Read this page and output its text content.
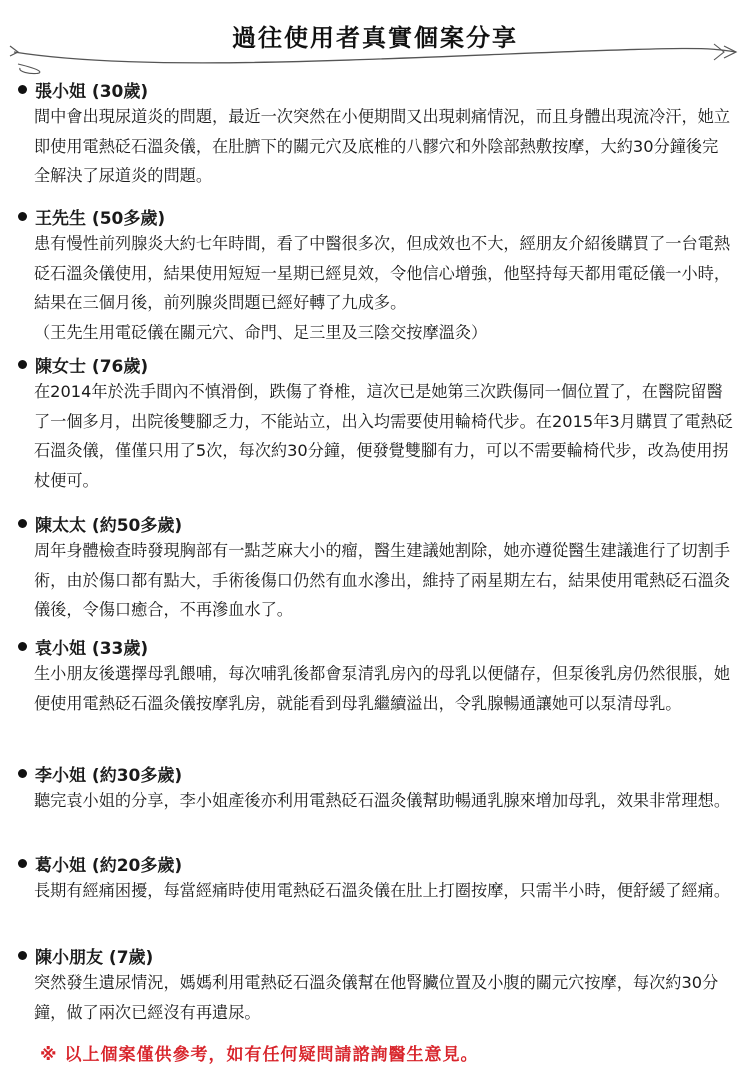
過往使用者真實個案分享
張小姐 (30歲)
間中會出現尿道炎的問題，最近一次突然在小便期間又出現刺痛情況，而且身體出現流冷汗，她立即使用電熱砭石溫灸儀，在肚臍下的關元穴及底椎的八髎穴和外陰部熱敷按摩，大約30分鐘後完全解決了尿道炎的問題。
王先生 (50多歲)
患有慢性前列腺炎大約七年時間，看了中醫很多次，但成效也不大，經朋友介紹後購買了一台電熱砭石溫灸儀使用，結果使用短短一星期已經見效，令他信心增強，他堅持每天都用電砭儀一小時，結果在三個月後，前列腺炎問題已經好轉了九成多。
（王先生用電砭儀在關元穴、命門、足三里及三陰交按摩溫灸）
陳女士 (76歲)
在2014年於洗手間內不慎滑倒，跌傷了脊椎，這次已是她第三次跌傷同一個位置了，在醫院留醫了一個多月，出院後雙腳乏力，不能站立，出入均需要使用輪椅代步。在2015年3月購買了電熱砭石溫灸儀，僅僅只用了5次，每次約30分鐘，便發覺雙腳有力，可以不需要輪椅代步，改為使用拐杖便可。
陳太太 (約50多歲)
周年身體檢查時發現胸部有一點芝麻大小的瘤，醫生建議她割除，她亦遵從醫生建議進行了切割手術，由於傷口都有點大，手術後傷口仍然有血水滲出，維持了兩星期左右，結果使用電熱砭石溫灸儀後，令傷口癒合，不再滲血水了。
袁小姐 (33歲)
生小朋友後選擇母乳餵哺，每次哺乳後都會泵清乳房內的母乳以便儲存，但泵後乳房仍然很脹，她便使用電熱砭石溫灸儀按摩乳房，就能看到母乳繼續溢出，令乳腺暢通讓她可以泵清母乳。
李小姐 (約30多歲)
聽完袁小姐的分享，李小姐產後亦利用電熱砭石溫灸儀幫助暢通乳腺來增加母乳，效果非常理想。
葛小姐 (約20多歲)
長期有經痛困擾，每當經痛時使用電熱砭石溫灸儀在肚上打圈按摩，只需半小時，便舒緩了經痛。
陳小朋友 (7歲)
突然發生遺尿情況，媽媽利用電熱砭石溫灸儀幫在他腎臟位置及小腹的關元穴按摩，每次約30分鐘，做了兩次已經沒有再遺尿。
※ 以上個案僅供參考，如有任何疑問請諮詢醫生意見。
